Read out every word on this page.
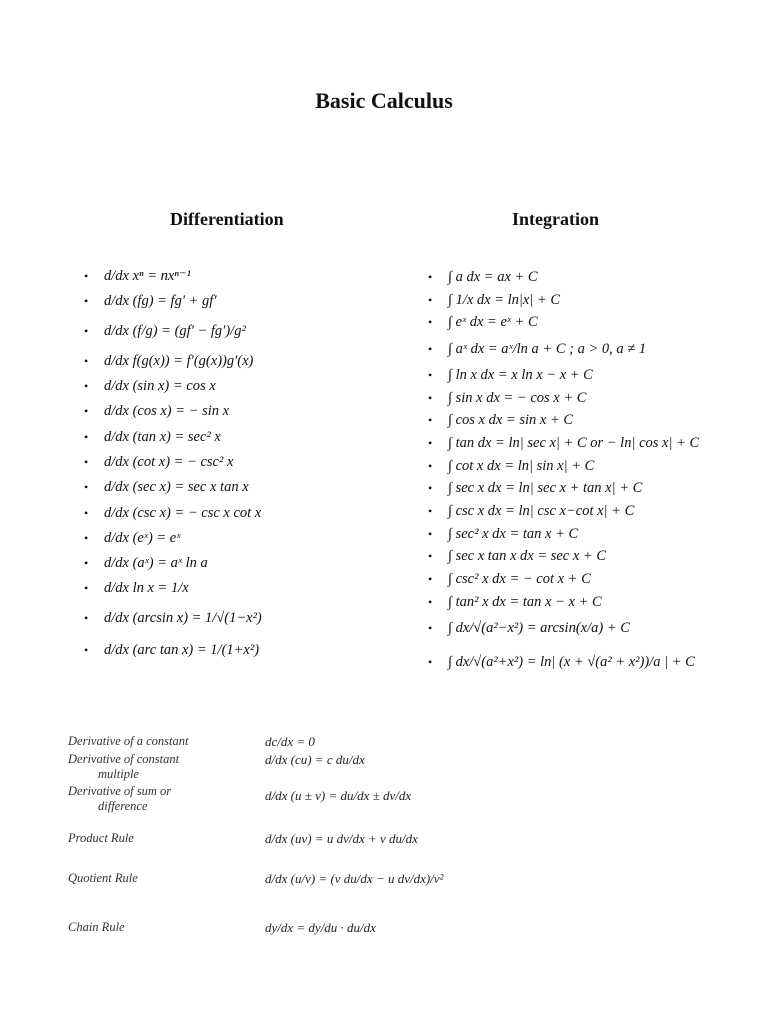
Basic Calculus
Differentiation	Integration
• d/dx xⁿ = nxⁿ⁻¹
• d/dx (fg) = fg′ + gf′
• d/dx (f/g) = (gf′ − fg′)/g²
• d/dx f(g(x)) = f′(g(x))g′(x)
• d/dx (sin x) = cos x
• d/dx (cos x) = − sin x
• d/dx (tan x) = sec² x
• d/dx (cot x) = − csc² x
• d/dx (sec x) = sec x tan x
• d/dx (csc x) = − csc x cot x
• d/dx (eˣ) = eˣ
• d/dx (aˣ) = aˣ ln a
• d/dx ln x = 1/x
• d/dx (arcsin x) = 1/√(1−x²)
• d/dx (arc tan x) = 1/(1+x²)
• ∫ a dx = ax + C
• ∫ 1/x dx = ln|x| + C
• ∫ eˣ dx = eˣ + C
• ∫ aˣ dx = aˣ/ln a + C ; a > 0, a ≠ 1
• ∫ ln x dx = x ln x − x + C
• ∫ sin x dx = − cos x + C
• ∫ cos x dx = sin x + C
• ∫ tan dx = ln| sec x| + C or − ln| cos x| + C
• ∫ cot x dx = ln| sin x| + C
• ∫ sec x dx = ln| sec x + tan x| + C
• ∫ csc x dx = ln| csc x−cot x| + C
• ∫ sec² x dx = tan x + C
• ∫ sec x tan x dx = sec x + C
• ∫ csc² x dx = − cot x + C
• ∫ tan² x dx = tan x − x + C
• ∫ dx/√(a²−x²) = arcsin(x/a) + C
• ∫ dx/√(a²+x²) = ln| (x + √(a² + x²))/a | + C
Derivative of a constant	dc/dx = 0
Derivative of constant
multiple
d/dx (cu) = c du/dx
Derivative of sum or
difference
d/dx (u ± v) = du/dx ± dv/dx
Product Rule	d/dx (uv) = u dv/dx + v du/dx
Quotient Rule	d/dx (u/v) = (v du/dx − u dv/dx)/v²
Chain Rule	dy/dx = dy/du · du/dx
